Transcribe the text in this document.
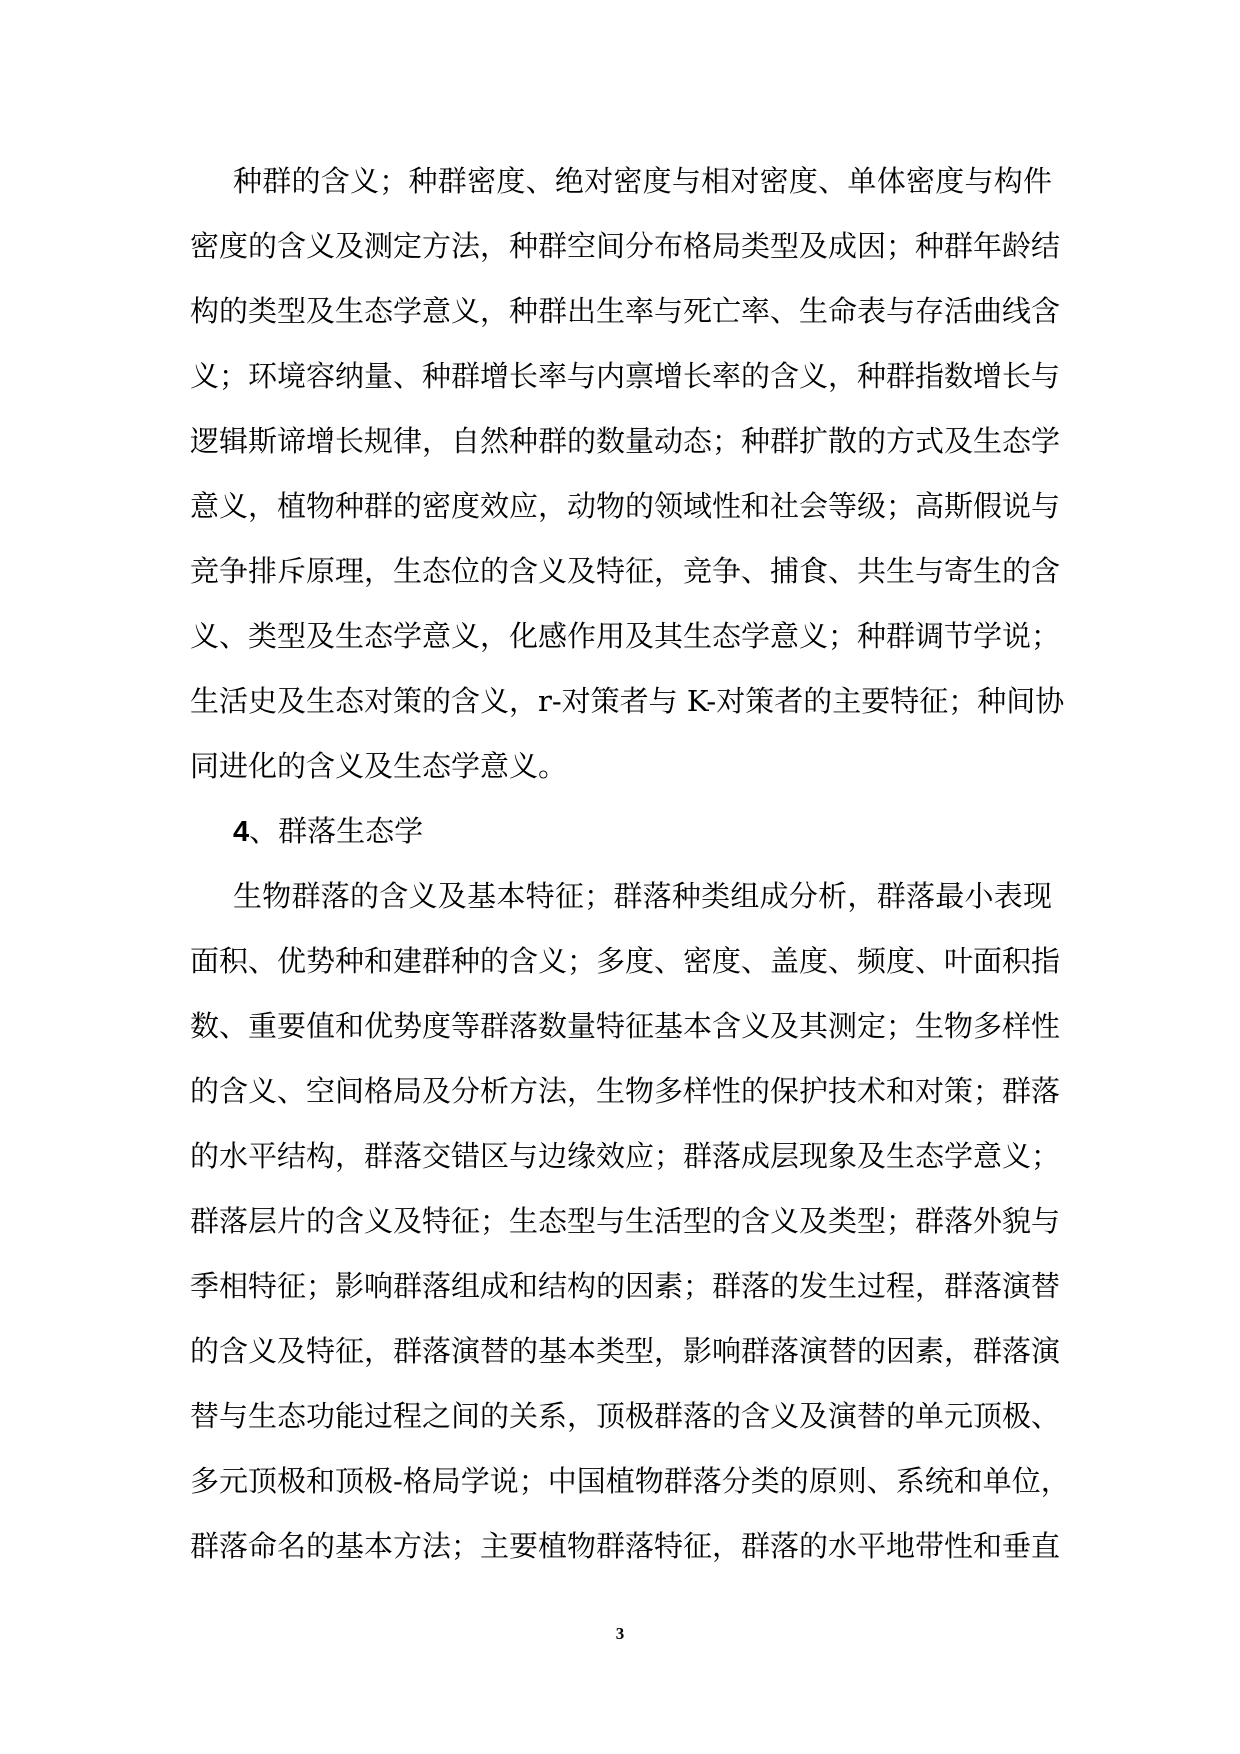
种群的含义；种群密度、绝对密度与相对密度、单体密度与构件
密度的含义及测定方法，种群空间分布格局类型及成因；种群年龄结
构的类型及生态学意义，种群出生率与死亡率、生命表与存活曲线含
义；环境容纳量、种群增长率与内禀增长率的含义，种群指数增长与
逻辑斯谛增长规律，自然种群的数量动态；种群扩散的方式及生态学
意义，植物种群的密度效应，动物的领域性和社会等级；高斯假说与
竞争排斥原理，生态位的含义及特征，竞争、捕食、共生与寄生的含
义、类型及生态学意义，化感作用及其生态学意义；种群调节学说；
生活史及生态对策的含义，r-对策者与 K-对策者的主要特征；种间协
同进化的含义及生态学意义。
4、群落生态学
生物群落的含义及基本特征；群落种类组成分析，群落最小表现
面积、优势种和建群种的含义；多度、密度、盖度、频度、叶面积指
数、重要值和优势度等群落数量特征基本含义及其测定；生物多样性
的含义、空间格局及分析方法，生物多样性的保护技术和对策；群落
的水平结构，群落交错区与边缘效应；群落成层现象及生态学意义；
群落层片的含义及特征；生态型与生活型的含义及类型；群落外貌与
季相特征；影响群落组成和结构的因素；群落的发生过程，群落演替
的含义及特征，群落演替的基本类型，影响群落演替的因素，群落演
替与生态功能过程之间的关系，顶极群落的含义及演替的单元顶极、
多元顶极和顶极-格局学说；中国植物群落分类的原则、系统和单位，
群落命名的基本方法；主要植物群落特征，群落的水平地带性和垂直
3
